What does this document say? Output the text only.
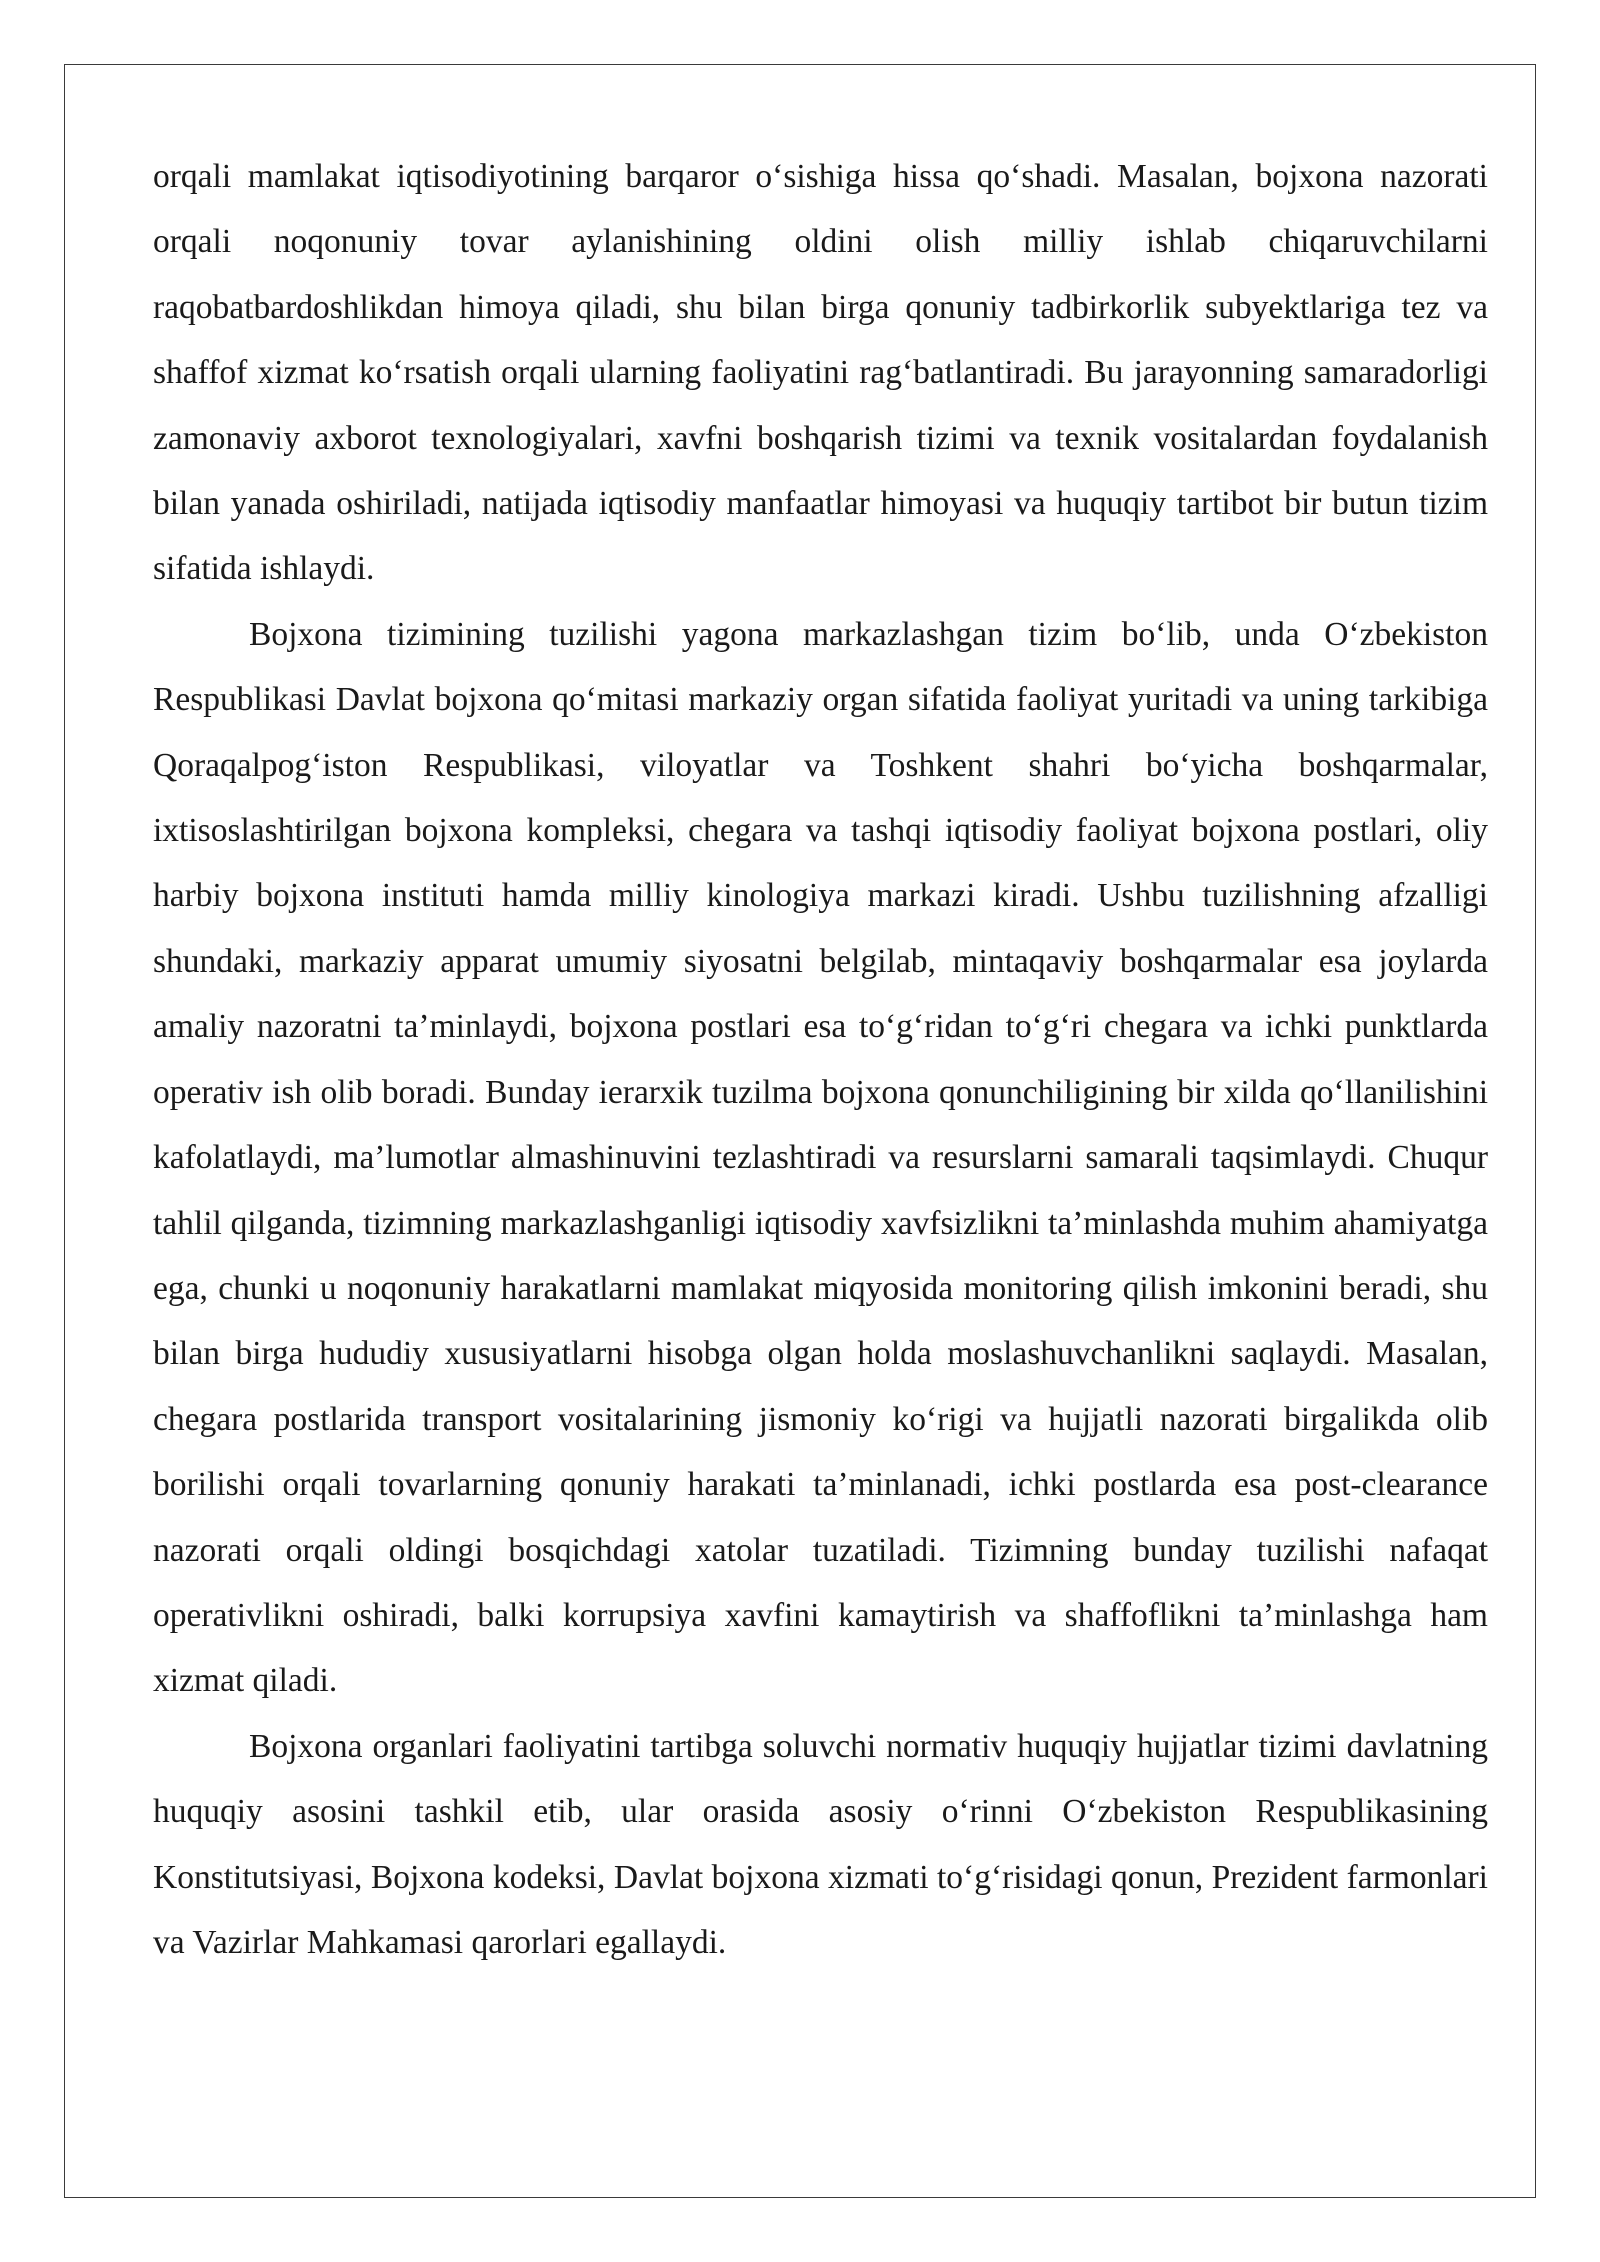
orqali mamlakat iqtisodiyotining barqaror o‘sishiga hissa qo‘shadi. Masalan, bojxona nazorati orqali noqonuniy tovar aylanishining oldini olish milliy ishlab chiqaruvchilarni raqobatbardoshlikdan himoya qiladi, shu bilan birga qonuniy tadbirkorlik subyektlariga tez va shaffof xizmat ko‘rsatish orqali ularning faoliyatini rag‘batlantiradi. Bu jarayonning samaradorligi zamonaviy axborot texnologiyalari, xavfni boshqarish tizimi va texnik vositalardan foydalanish bilan yanada oshiriladi, natijada iqtisodiy manfaatlar himoyasi va huquqiy tartibot bir butun tizim sifatida ishlaydi.

Bojxona tizimining tuzilishi yagona markazlashgan tizim bo‘lib, unda O‘zbekiston Respublikasi Davlat bojxona qo‘mitasi markaziy organ sifatida faoliyat yuritadi va uning tarkibiga Qoraqalpog‘iston Respublikasi, viloyatlar va Toshkent shahri bo‘yicha boshqarmalar, ixtisoslashtirilgan bojxona kompleksi, chegara va tashqi iqtisodiy faoliyat bojxona postlari, oliy harbiy bojxona instituti hamda milliy kinologiya markazi kiradi. Ushbu tuzilishning afzalligi shundaki, markaziy apparat umumiy siyosatni belgilab, mintaqaviy boshqarmalar esa joylarda amaliy nazoratni ta’minlaydi, bojxona postlari esa to‘g‘ridan to‘g‘ri chegara va ichki punktlarda operativ ish olib boradi. Bunday ierarxik tuzilma bojxona qonunchiligining bir xilda qo‘llanilishini kafolatlaydi, ma’lumotlar almashinuvini tezlashtiradi va resurslarni samarali taqsimlaydi. Chuqur tahlil qilganda, tizimning markazlashganligi iqtisodiy xavfsizlikni ta’minlashda muhim ahamiyatga ega, chunki u noqonuniy harakatlarni mamlakat miqyosida monitoring qilish imkonini beradi, shu bilan birga hududiy xususiyatlarni hisobga olgan holda moslashuvchanlikni saqlaydi. Masalan, chegara postlarida transport vositalarining jismoniy ko‘rigi va hujjatli nazorati birgalikda olib borilishi orqali tovarlarning qonuniy harakati ta’minlanadi, ichki postlarda esa post-clearance nazorati orqali oldingi bosqichdagi xatolar tuzatiladi. Tizimning bunday tuzilishi nafaqat operativlikni oshiradi, balki korrupsiya xavfini kamaytirish va shaffoflikni ta’minlashga ham xizmat qiladi.

Bojxona organlari faoliyatini tartibga soluvchi normativ huquqiy hujjatlar tizimi davlatning huquqiy asosini tashkil etib, ular orasida asosiy o‘rinni O‘zbekiston Respublikasining Konstitutsiyasi, Bojxona kodeksi, Davlat bojxona xizmati to‘g‘risidagi qonun, Prezident farmonlari va Vazirlar Mahkamasi qarorlari egallaydi.
